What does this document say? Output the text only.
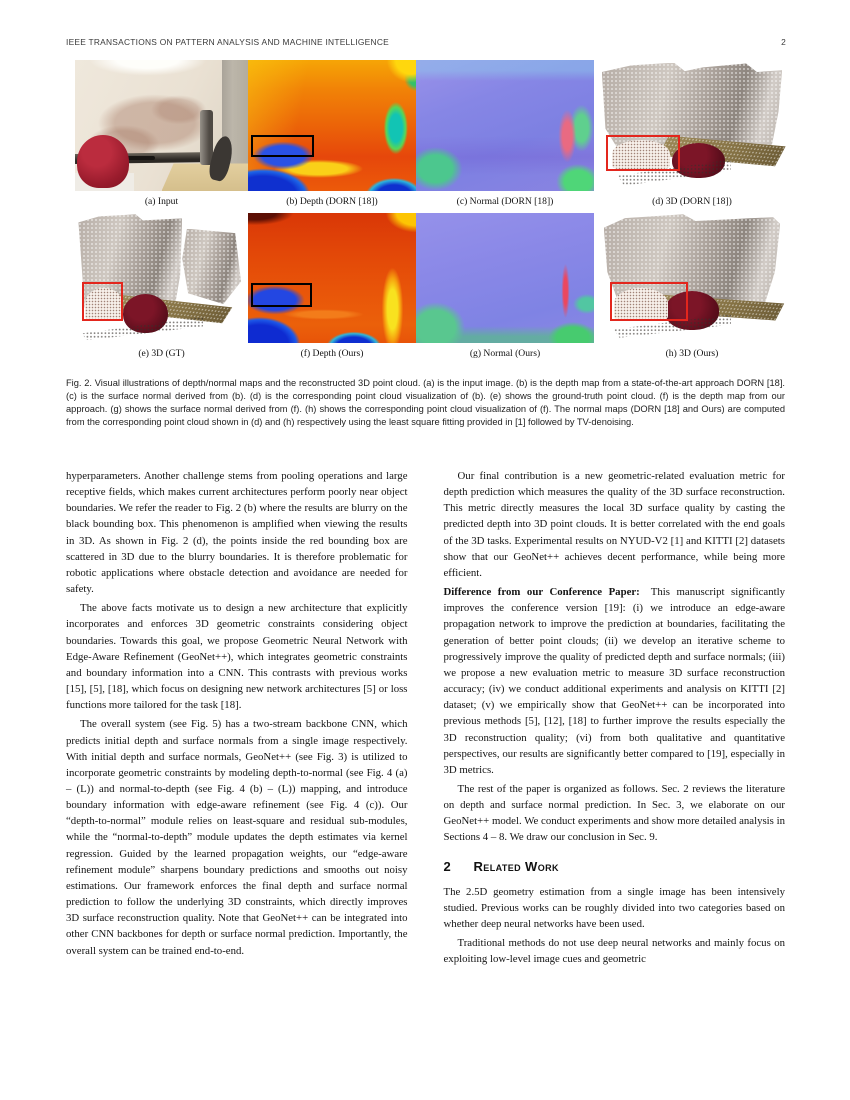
IEEE TRANSACTIONS ON PATTERN ANALYSIS AND MACHINE INTELLIGENCE	2
(a) Input	(b) Depth (DORN [18])	(c) Normal (DORN [18])	(d) 3D (DORN [18])
(e) 3D (GT)	(f) Depth (Ours)	(g) Normal (Ours)	(h) 3D (Ours)
Fig. 2. Visual illustrations of depth/normal maps and the reconstructed 3D point cloud. (a) is the input image. (b) is the depth map from a state-of-the-art approach DORN [18]. (c) is the surface normal derived from (b). (d) is the corresponding point cloud visualization of (b). (e) shows the ground-truth point cloud. (f) is the depth map from our approach. (g) shows the surface normal derived from (f). (h) shows the corresponding point cloud visualization of (f). The normal maps (DORN [18] and Ours) are computed from the corresponding point cloud shown in (d) and (h) respectively using the least square fitting provided in [1] followed by TV-denoising.

hyperparameters. Another challenge stems from pooling operations and large receptive fields, which makes current architectures perform poorly near object boundaries. We refer the reader to Fig. 2 (b) where the results are blurry on the black bounding box. This phenomenon is amplified when viewing the results in 3D. As shown in Fig. 2 (d), the points inside the red bounding box are scattered in 3D due to the blurry boundaries. It is therefore problematic for robotic applications where obstacle detection and avoidance are needed for safety.

The above facts motivate us to design a new architecture that explicitly incorporates and enforces 3D geometric constraints considering object boundaries. Towards this goal, we propose Geometric Neural Network with Edge-Aware Refinement (GeoNet++), which integrates geometric constraints and boundary information into a CNN. This contrasts with previous works [15], [5], [18], which focus on designing new network architectures [5] or loss functions more tailored for the task [18].

The overall system (see Fig. 5) has a two-stream backbone CNN, which predicts initial depth and surface normals from a single image respectively. With initial depth and surface normals, GeoNet++ (see Fig. 3) is utilized to incorporate geometric constraints by modeling depth-to-normal (see Fig. 4 (a) – (L)) and normal-to-depth (see Fig. 4 (b) – (L)) mapping, and introduce boundary information with edge-aware refinement (see Fig. 4 (c)). Our “depth-to-normal” module relies on least-square and residual sub-modules, while the “normal-to-depth” module updates the depth estimates via kernel regression. Guided by the learned propagation weights, our “edge-aware refinement module” sharpens boundary predictions and smooths out noisy estimations. Our framework enforces the final depth and surface normal prediction to follow the underlying 3D constraints, which directly improves 3D surface reconstruction quality. Note that GeoNet++ can be integrated into other CNN backbones for depth or surface normal prediction. Importantly, the overall system can be trained end-to-end.

Our final contribution is a new geometric-related evaluation metric for depth prediction which measures the quality of the 3D surface reconstruction. This metric directly measures the local 3D surface quality by casting the predicted depth into 3D point clouds. It is better correlated with the end goals of the 3D tasks. Experimental results on NYUD-V2 [1] and KITTI [2] datasets show that our GeoNet++ achieves decent performance, while being more efficient.

Difference from our Conference Paper: This manuscript significantly improves the conference version [19]: (i) we introduce an edge-aware propagation network to improve the prediction at boundaries, facilitating the generation of better point clouds; (ii) we develop an iterative scheme to progressively improve the quality of predicted depth and surface normals; (iii) we propose a new evaluation metric to measure 3D surface reconstruction accuracy; (iv) we conduct additional experiments and analysis on KITTI [2] dataset; (v) we empirically show that GeoNet++ can be incorporated into previous methods [5], [12], [18] to further improve the results especially the 3D reconstruction quality; (vi) from both qualitative and quantitative perspectives, our results are significantly better compared to [19], especially in 3D metrics.

The rest of the paper is organized as follows. Sec. 2 reviews the literature on depth and surface normal prediction. In Sec. 3, we elaborate on our GeoNet++ model. We conduct experiments and show more detailed analysis in Sections 4 – 8. We draw our conclusion in Sec. 9.

2	Related Work

The 2.5D geometry estimation from a single image has been intensively studied. Previous works can be roughly divided into two categories based on whether deep neural networks have been used.

Traditional methods do not use deep neural networks and mainly focus on exploiting low-level image cues and geometric
